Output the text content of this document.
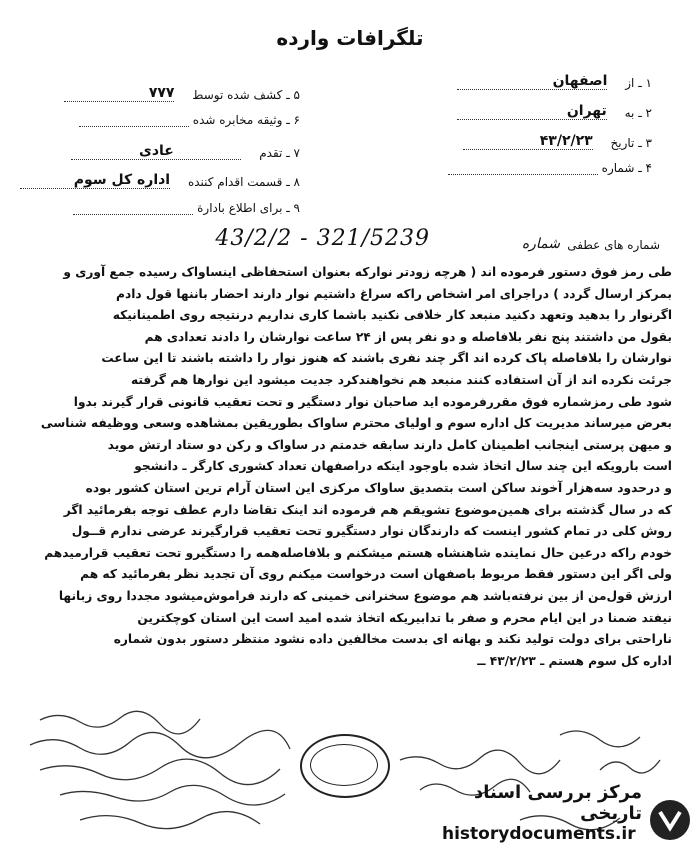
تلگرافات وارده
۱ ـ از اصفهان
۲ ـ به تهران
۳ ـ تاریخ ۴۳/۲/۲۳
۴ ـ شماره
۵ ـ کشف شده توسط ۷۷۷
۶ ـ وثیقه مخابره شده
۷ ـ تقدم عادی
۸ ـ قسمت اقدام کننده اداره کل سوم
۹ ـ برای اطلاع بادارة
شماره های عطفی
شماره
43/2/2 - 321/5239
طی رمز فوق دستور فرموده اند ( هرچه‌ زودتر نوارکه بعنوان استحفاظی اینساواک رسیده جمع آوری و
بمرکز ارسال گردد ) دراجرای امر اشخاص راکه سراغ داشتیم نوار دارند احضار باننها قول دادم
اگرنوار را بدهید وتعهد دکنید منبعد کار خلافی نکنید باشما کاری نداریم درنتیجه روی اطمینانیکه
بقول من داشتند پنج نفر بلافاصله و دو نفر پس از ۲۴ ساعت نوارشان را دادند تعدادی هم
نوارشان را بلافاصله پاک کرده اند اگر چند نفری باشند که هنوز نوار را داشته باشند تا این ساعت
جرئت نکرده اند از آن استفاده کنند منبعد هم نخواهندکرد جدیت میشود این نوارها هم گرفته
شود طی رمزشماره فوق مقررفرموده اید صاحبان نوار دستگیر و تحت تعقیب قانونی قرار گیرند بدوا
بعرض میرساند مدیریت کل اداره سوم و اولیای محترم ساواک بطوریقین بمشاهده وسعی ووظیفه شناسی
و میهن پرستی اینجانب اطمینان کامل دارند سابقه خدمتم در ساواک و رکن دو ستاد ارتش موید
است بارویکه این چند سال اتخاذ شده باوجود اینکه دراصفهان تعداد کشوری کارگر ـ دانشجو
و درحدود سه‌هزار آخوند ساکن است بتصدیق ساواک مرکزی این استان آرام ترین استان کشور بوده
که در سال گذشته برای همین‌موضوع تشویقم هم فرموده اند اینک تقاضا دارم عطف توجه بفرمائید اگر
روش کلی در تمام کشور اینست که دارندگان نوار دستگیرو تحت تعقیب قرارگیرند عرضی ندارم قــول
خودم راکه درعین حال نماینده شاهنشاه هستم میشکنم و بلافاصله‌همه را دستگیرو تحت تعقیب قرارمیدهم
ولی اگر این دستور فقط مربوط باصفهان است درخواست میکنم روی آن تجدید نظر بفرمائید که هم
ارزش قول‌من از بین نرفته‌باشد هم موضوع سخنرانی خمینی که دارند فراموش‌میشود مجددا روی زبانها
نیفتد ضمنا در این ایام محرم و صفر با تدابیریکه اتخاذ شده امید است این استان کوچکترین
ناراحتی برای دولت تولید نکند و بهانه ای بدست مخالفین داده نشود منتظر دستور بدون شماره
اداره کل سوم هستم ـ ۴۳/۲/۲۳ ــ
مرکز بررسی اسناد تاریخی
historydocuments.ir
